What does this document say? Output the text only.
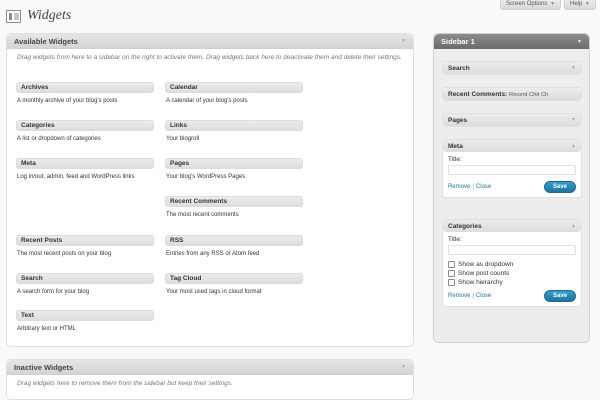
Screen Options ▼	Help ▼
Widgets
Available Widgets	▼
Drag widgets from here to a sidebar on the right to activate them. Drag widgets back here to deactivate them and delete their settings.
Archives
A monthly archive of your blog's posts
Calendar
A calendar of your blog's posts
Categories
A list or dropdown of categories
Links
Your blogroll
Meta
Log in/out, admin, feed and WordPress links
Pages
Your blog's WordPress Pages
Recent Comments
The most recent comments
Recent Posts
The most recent posts on your blog
RSS
Entries from any RSS or Atom feed
Search
A search form for your blog
Tag Cloud
Your most used tags in cloud format
Text
Arbitrary text or HTML
Inactive Widgets	▼
Drag widgets here to remove them from the sidebar but keep their settings.
Sidebar 1	▼
Search	▼
Recent Comments: Recent Chit Ch
Pages	▼
Meta	▲
Title:
Remove | Close	Save
Categories	▲
Title:
Show as dropdown
Show post counts
Show hierarchy
Remove | Close	Save
